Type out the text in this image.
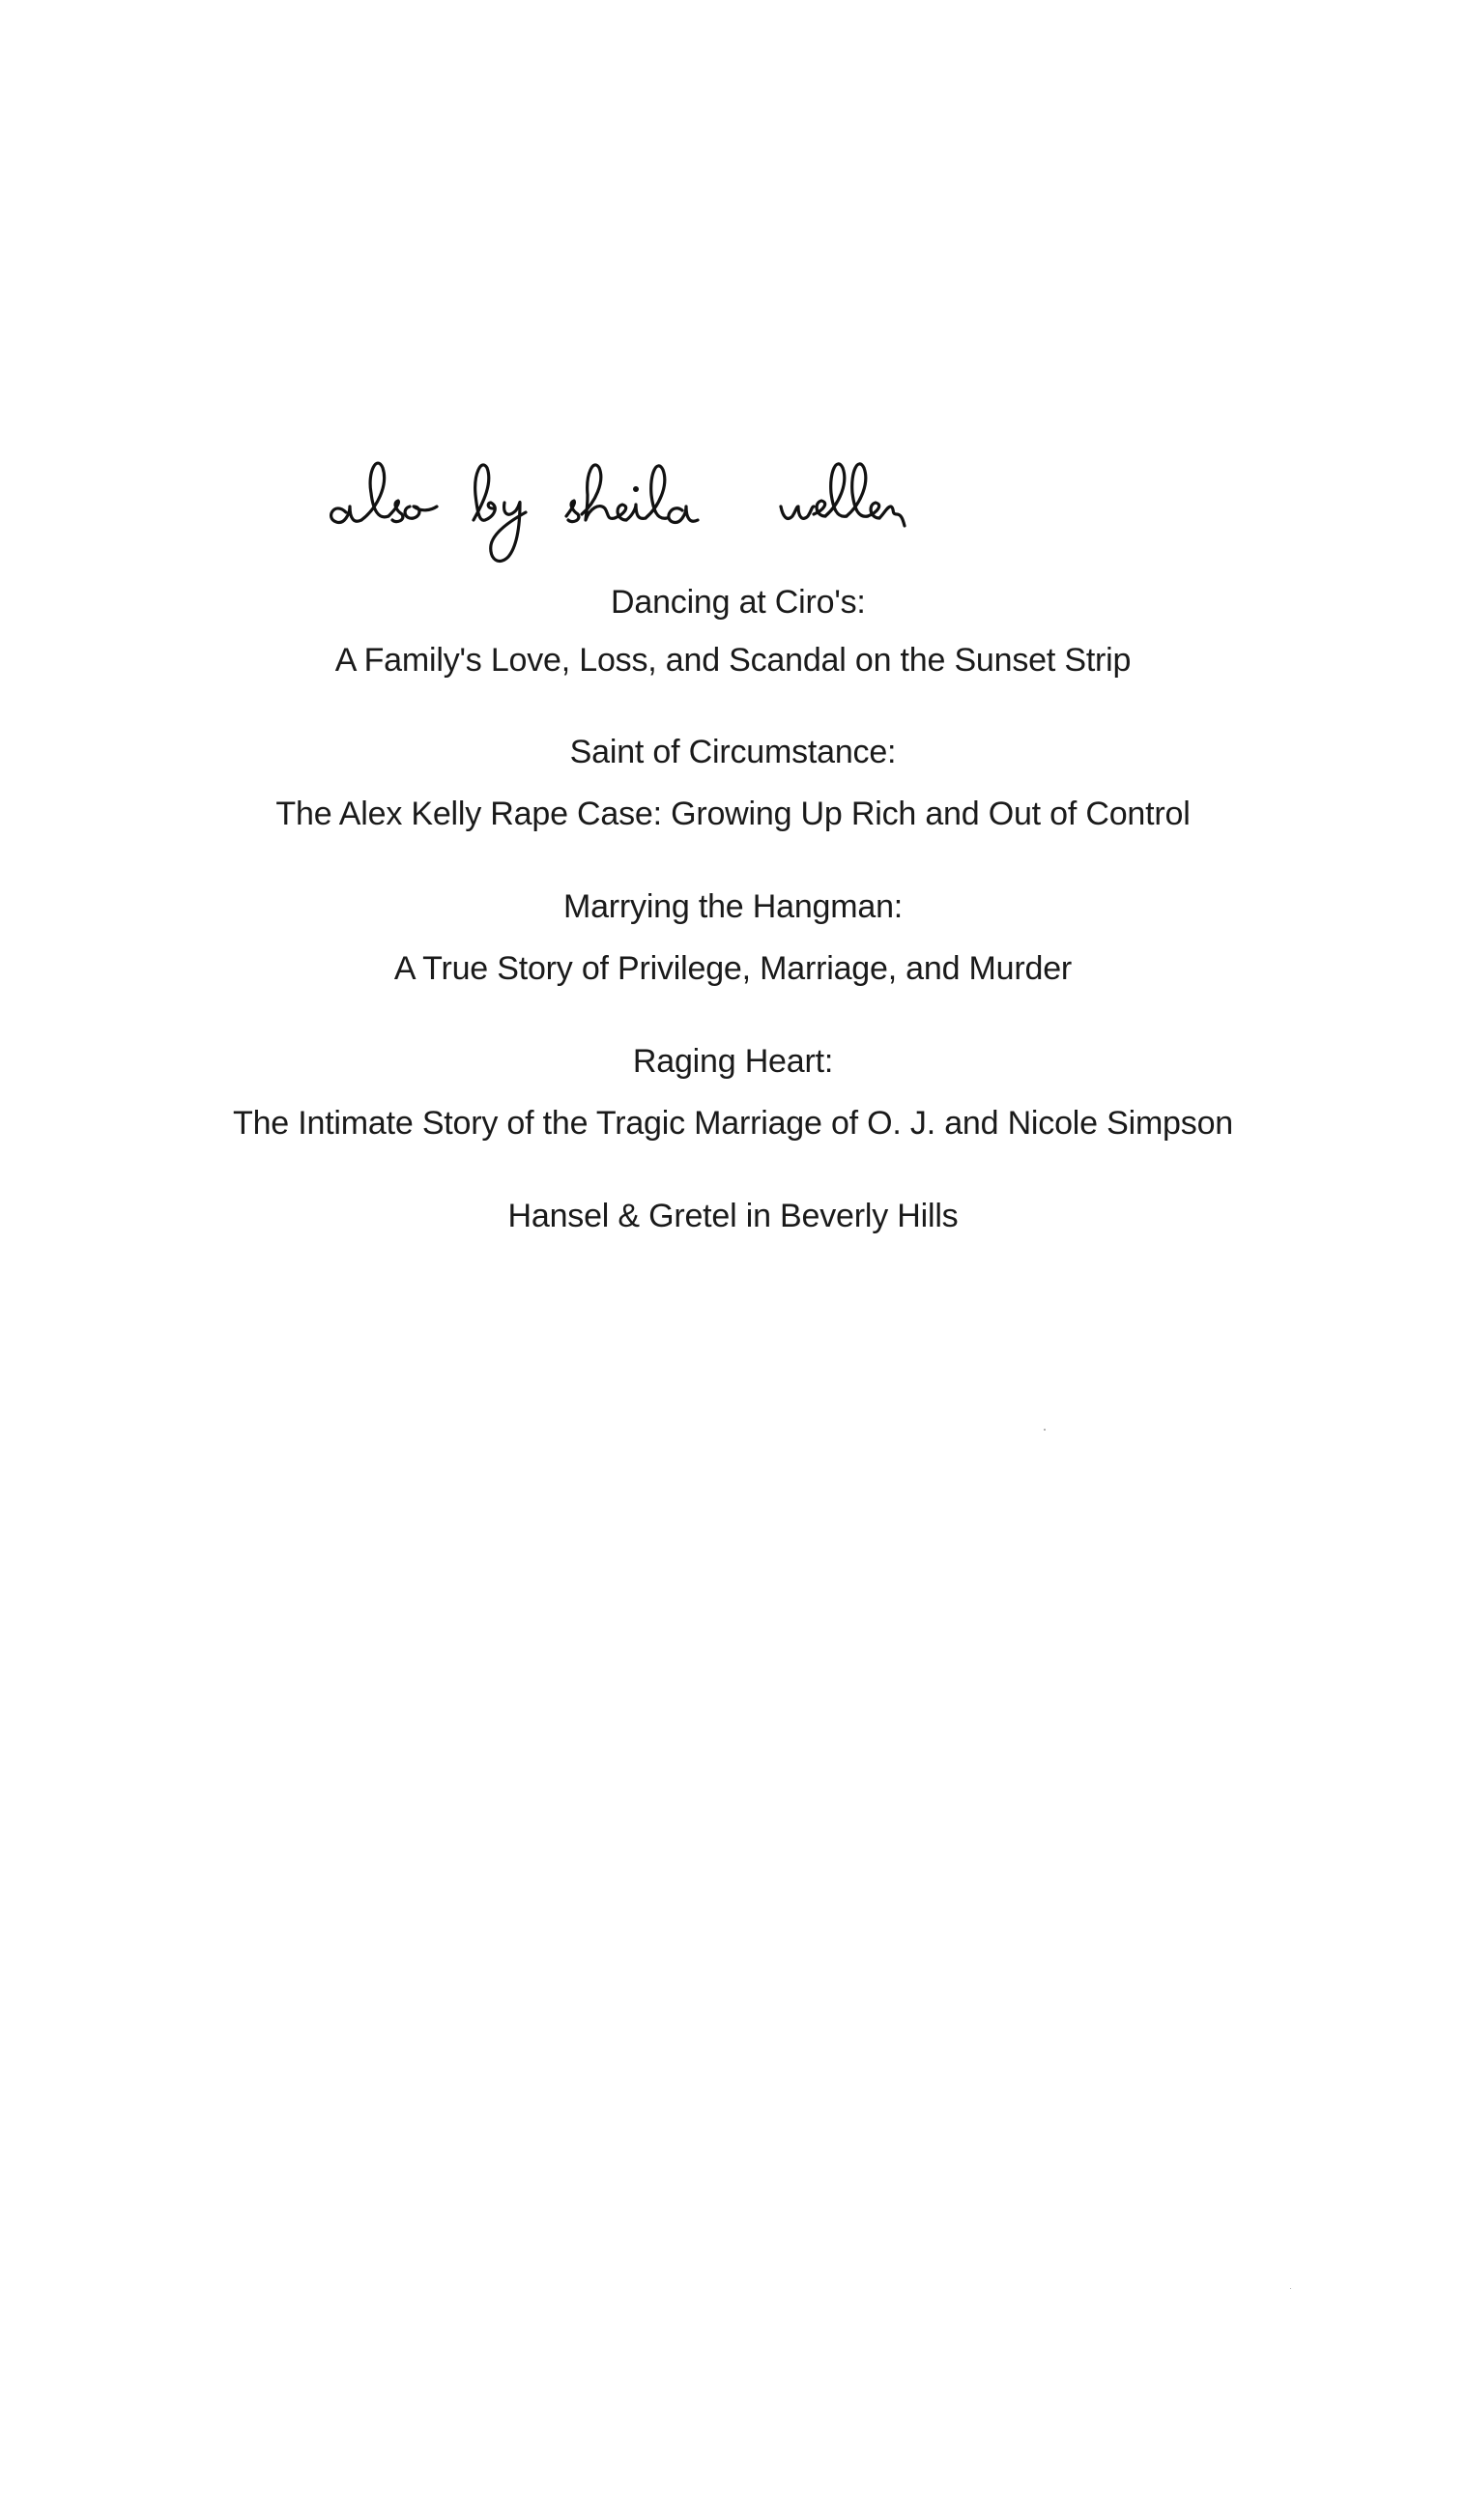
Dancing at Ciro's:
A Family's Love, Loss, and Scandal on the Sunset Strip
Saint of Circumstance:
The Alex Kelly Rape Case: Growing Up Rich and Out of Control
Marrying the Hangman:
A True Story of Privilege, Marriage, and Murder
Raging Heart:
The Intimate Story of the Tragic Marriage of O. J. and Nicole Simpson
Hansel & Gretel in Beverly Hills
